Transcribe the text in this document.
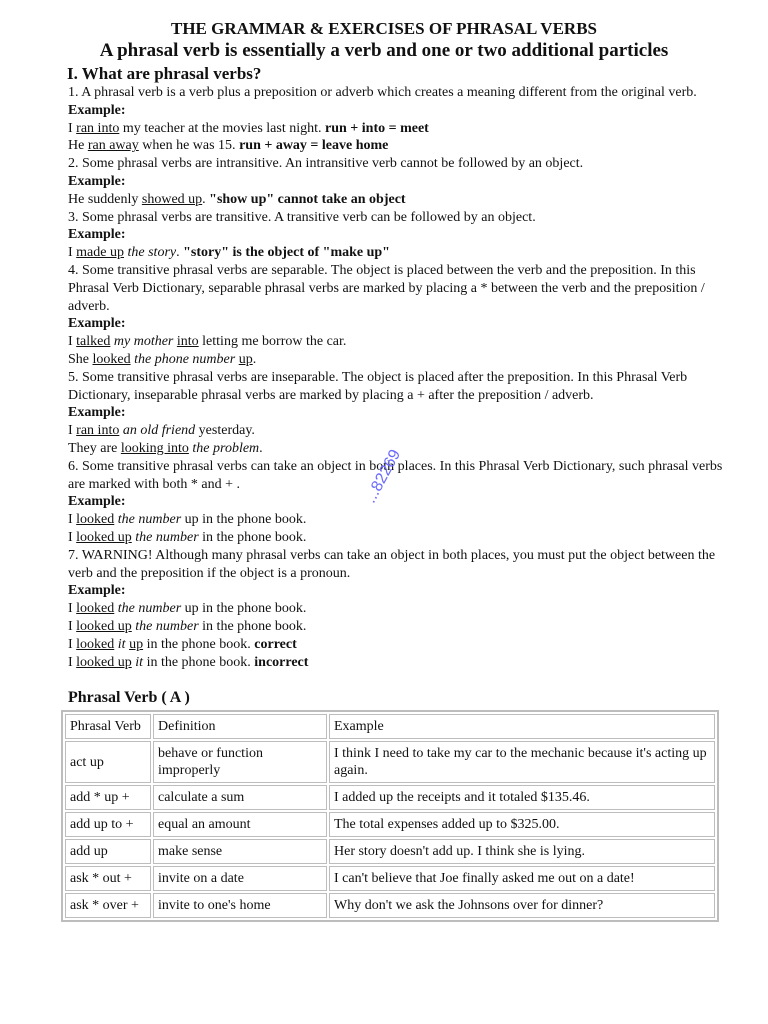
THE GRAMMAR & EXERCISES OF PHRASAL VERBS
A phrasal verb is essentially a verb and one or two additional particles
I. What are phrasal verbs?

1. A phrasal verb is a verb plus a preposition or adverb which creates a meaning different from the original verb.

Example:

I ran into my teacher at the movies last night. run + into = meet

He ran away when he was 15. run + away = leave home

2. Some phrasal verbs are intransitive. An intransitive verb cannot be followed by an object.

Example:

He suddenly showed up. "show up" cannot take an object

3. Some phrasal verbs are transitive. A transitive verb can be followed by an object.

Example:

I made up the story. "story" is the object of "make up"

4. Some transitive phrasal verbs are separable. The object is placed between the verb and the preposition. In this Phrasal Verb Dictionary, separable phrasal verbs are marked by placing a * between the verb and the preposition / adverb.

Example:

I talked my mother into letting me borrow the car.

She looked the phone number up.

5. Some transitive phrasal verbs are inseparable. The object is placed after the preposition. In this Phrasal Verb Dictionary, inseparable phrasal verbs are marked by placing a + after the preposition / adverb.

Example:

I ran into an old friend yesterday.

They are looking into the problem.

6. Some transitive phrasal verbs can take an object in both places. In this Phrasal Verb Dictionary, such phrasal verbs are marked with both * and + .

Example:

I looked the number up in the phone book.

I looked up the number in the phone book.

7. WARNING! Although many phrasal verbs can take an object in both places, you must put the object between the verb and the preposition if the object is a pronoun.

Example:

I looked the number up in the phone book.

I looked up the number in the phone book.

I looked it up in the phone book. correct

I looked up it in the phone book. incorrect

...82269
Phrasal Verb ( A )
Phrasal Verb	Definition	Example
act up	behave or function improperly	I think I need to take my car to the mechanic because it's acting up again.
add * up +	calculate a sum	I added up the receipts and it totaled $135.46.
add up to +	equal an amount	The total expenses added up to $325.00.
add up	make sense	Her story doesn't add up. I think she is lying.
ask * out +	invite on a date	I can't believe that Joe finally asked me out on a date!
ask * over +	invite to one's home	Why don't we ask the Johnsons over for dinner?
